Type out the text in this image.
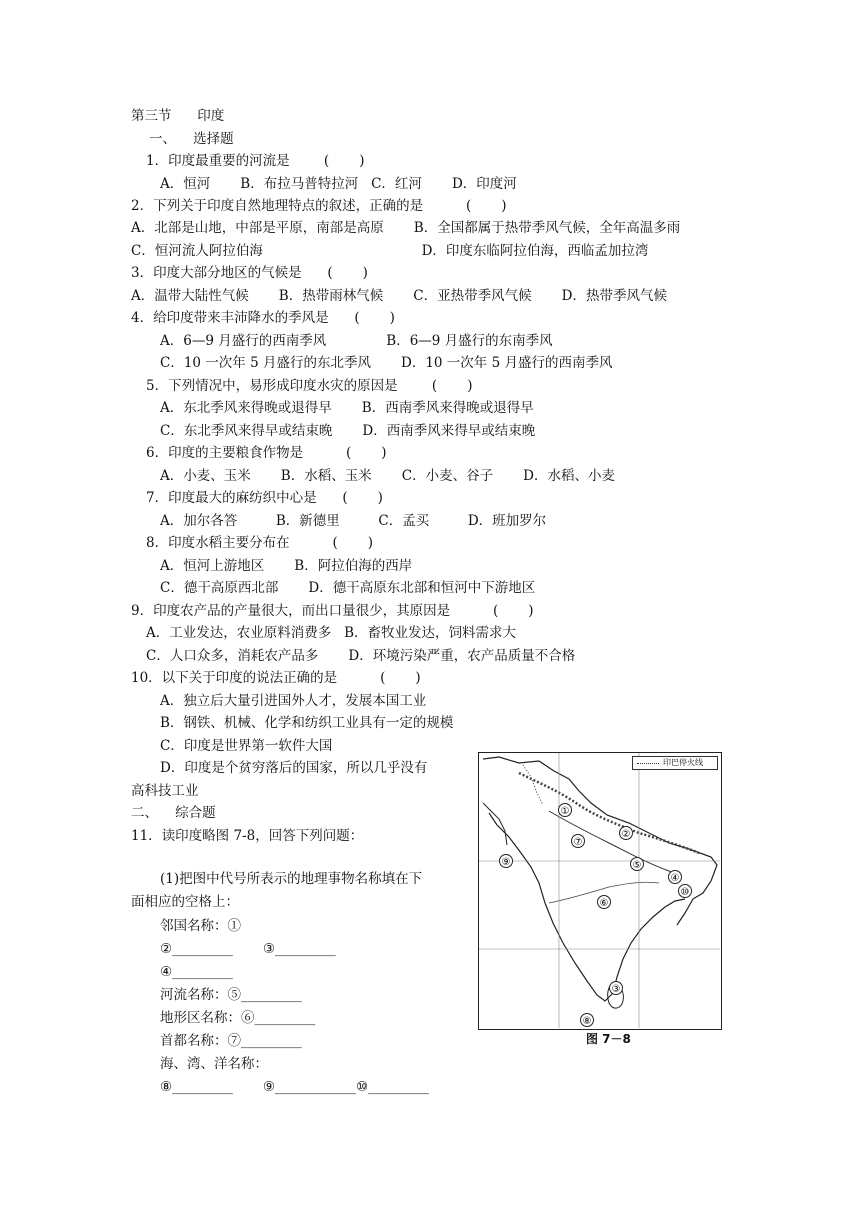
第三节      印度
一、    选择题
1．印度最重要的河流是        (       )
A．恒河       B．布拉马普特拉河   C．红河       D．印度河
2．下列关于印度自然地理特点的叙述，正确的是          (       )
A．北部是山地，中部是平原，南部是高原       B．全国都属于热带季风气候，全年高温多雨
C．恒河流人阿拉伯海                                     D．印度东临阿拉伯海，西临孟加拉湾
3．印度大部分地区的气候是      (       )
A．温带大陆性气候       B．热带雨林气候       C．亚热带季风气候       D．热带季风气候
4．给印度带来丰沛降水的季风是      (       )
A．6—9 月盛行的西南季风              B．6—9 月盛行的东南季风
C．10 一次年 5 月盛行的东北季风       D．10 一次年 5 月盛行的西南季风
5．下列情况中，易形成印度水灾的原因是        (       )
A．东北季风来得晚或退得早       B．西南季风来得晚或退得早
C．东北季风来得早或结束晚       D．西南季风来得早或结束晚
6．印度的主要粮食作物是          (       )
A．小麦、玉米       B．水稻、玉米       C．小麦、谷子       D．水稻、小麦
7．印度最大的麻纺织中心是      (       )
A．加尔各答         B．新德里         C．孟买         D．班加罗尔
8．印度水稻主要分布在          (       )
A．恒河上游地区       B．阿拉伯海的西岸
C．德干高原西北部       D．德干高原东北部和恒河中下游地区
9．印度农产品的产量很大，而出口量很少，其原因是          (       )
A．工业发达，农业原料消费多   B．畜牧业发达，饲料需求大
C．人口众多，消耗农产品多       D．环境污染严重，农产品质量不合格
10．以下关于印度的说法正确的是          (       )
A．独立后大量引进国外人才，发展本国工业
B．钢铁、机械、化学和纺织工业具有一定的规模
C．印度是世界第一软件大国
D．印度是个贫穷落后的国家，所以几乎没有
高科技工业
二、    综合题
11．读印度略图 7-8，回答下列问题：
(1)把图中代号所表示的地理事物名称填在下
面相应的空格上：
邻国名称：①
②_________       ③_________
④_________
河流名称：⑤_________
地形区名称：⑥_________
首都名称：⑦_________
海、湾、洋名称：
⑧_________       ⑨____________⑩_________
①
②
③
④
⑤
⑥
⑦
⑧
⑨
⑩
印巴停火线
图 7－8
